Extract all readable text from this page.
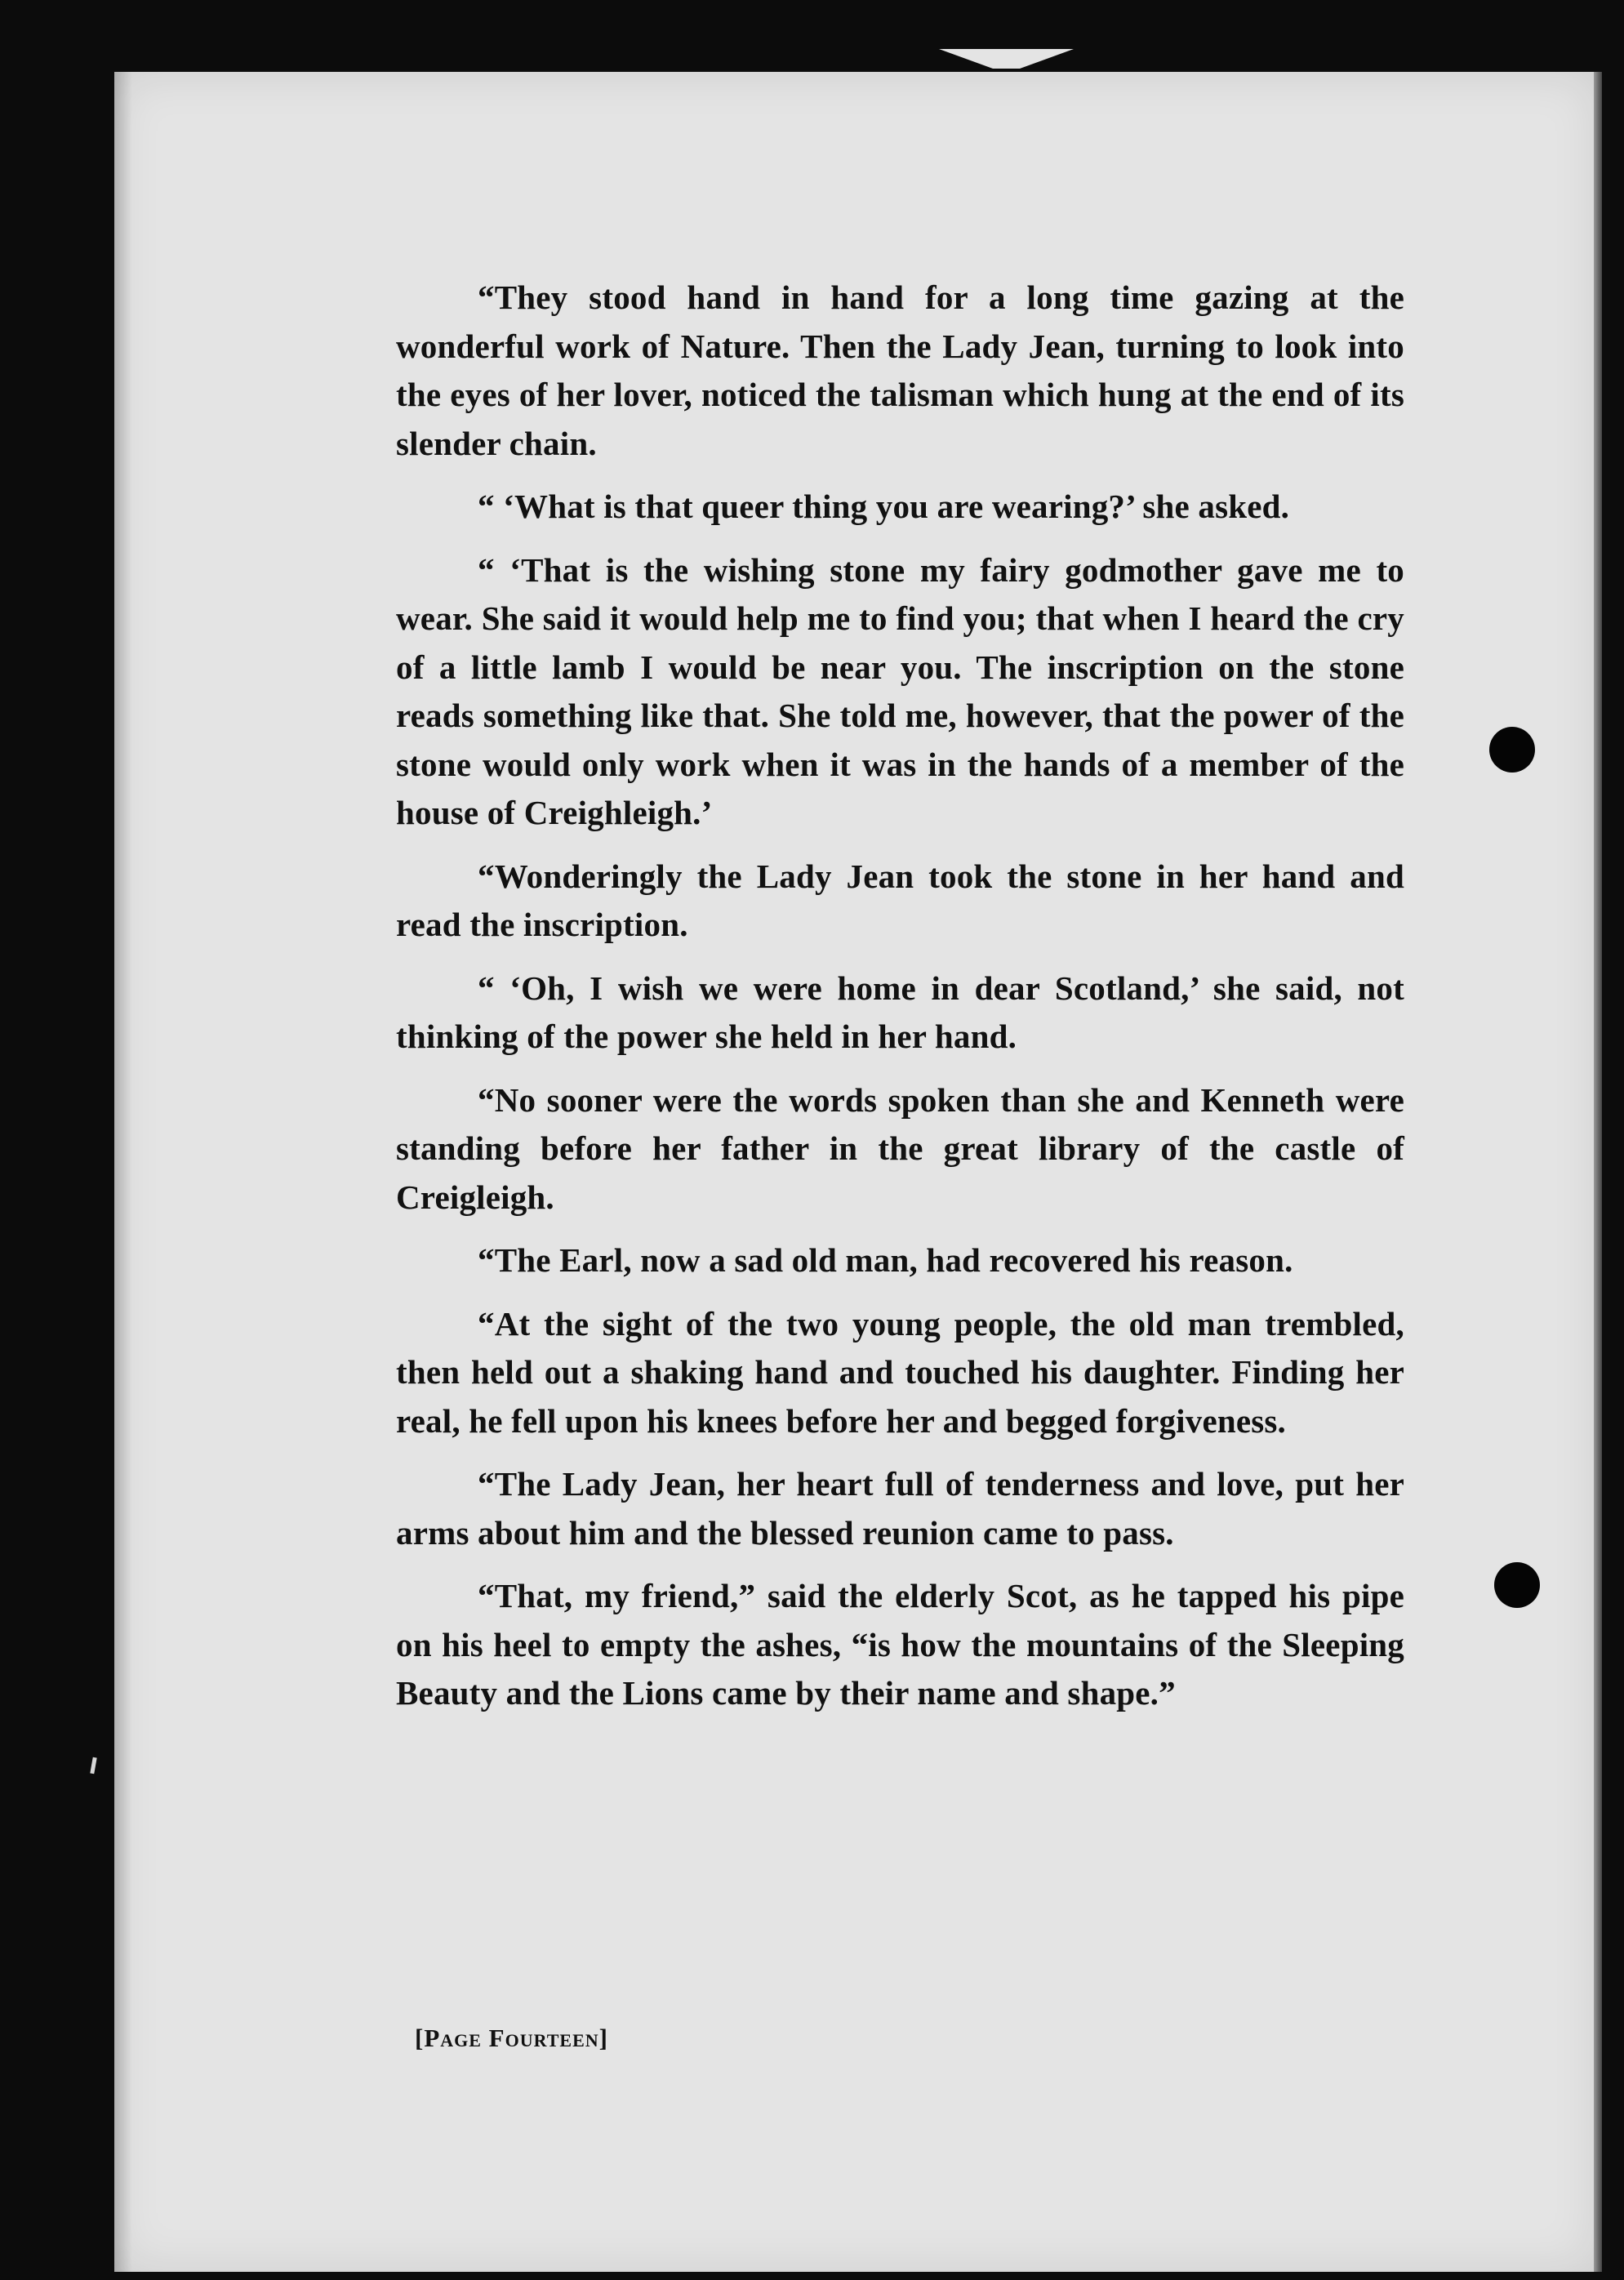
“They stood hand in hand for a long time gazing at the wonderful work of Nature. Then the Lady Jean, turning to look into the eyes of her lover, noticed the talisman which hung at the end of its slender chain.

“ ‘What is that queer thing you are wearing?’ she asked.

“ ‘That is the wishing stone my fairy godmother gave me to wear. She said it would help me to find you; that when I heard the cry of a little lamb I would be near you. The inscription on the stone reads something like that. She told me, however, that the power of the stone would only work when it was in the hands of a member of the house of Creighleigh.’

“Wonderingly the Lady Jean took the stone in her hand and read the inscription.

“ ‘Oh, I wish we were home in dear Scotland,’ she said, not thinking of the power she held in her hand.

“No sooner were the words spoken than she and Kenneth were standing before her father in the great library of the castle of Creigleigh.

“The Earl, now a sad old man, had recovered his reason.

“At the sight of the two young people, the old man trembled, then held out a shaking hand and touched his daughter. Finding her real, he fell upon his knees before her and begged forgiveness.

“The Lady Jean, her heart full of tenderness and love, put her arms about him and the blessed reunion came to pass.

“That, my friend,” said the elderly Scot, as he tapped his pipe on his heel to empty the ashes, “is how the mountains of the Sleeping Beauty and the Lions came by their name and shape.”

[Page Fourteen]
